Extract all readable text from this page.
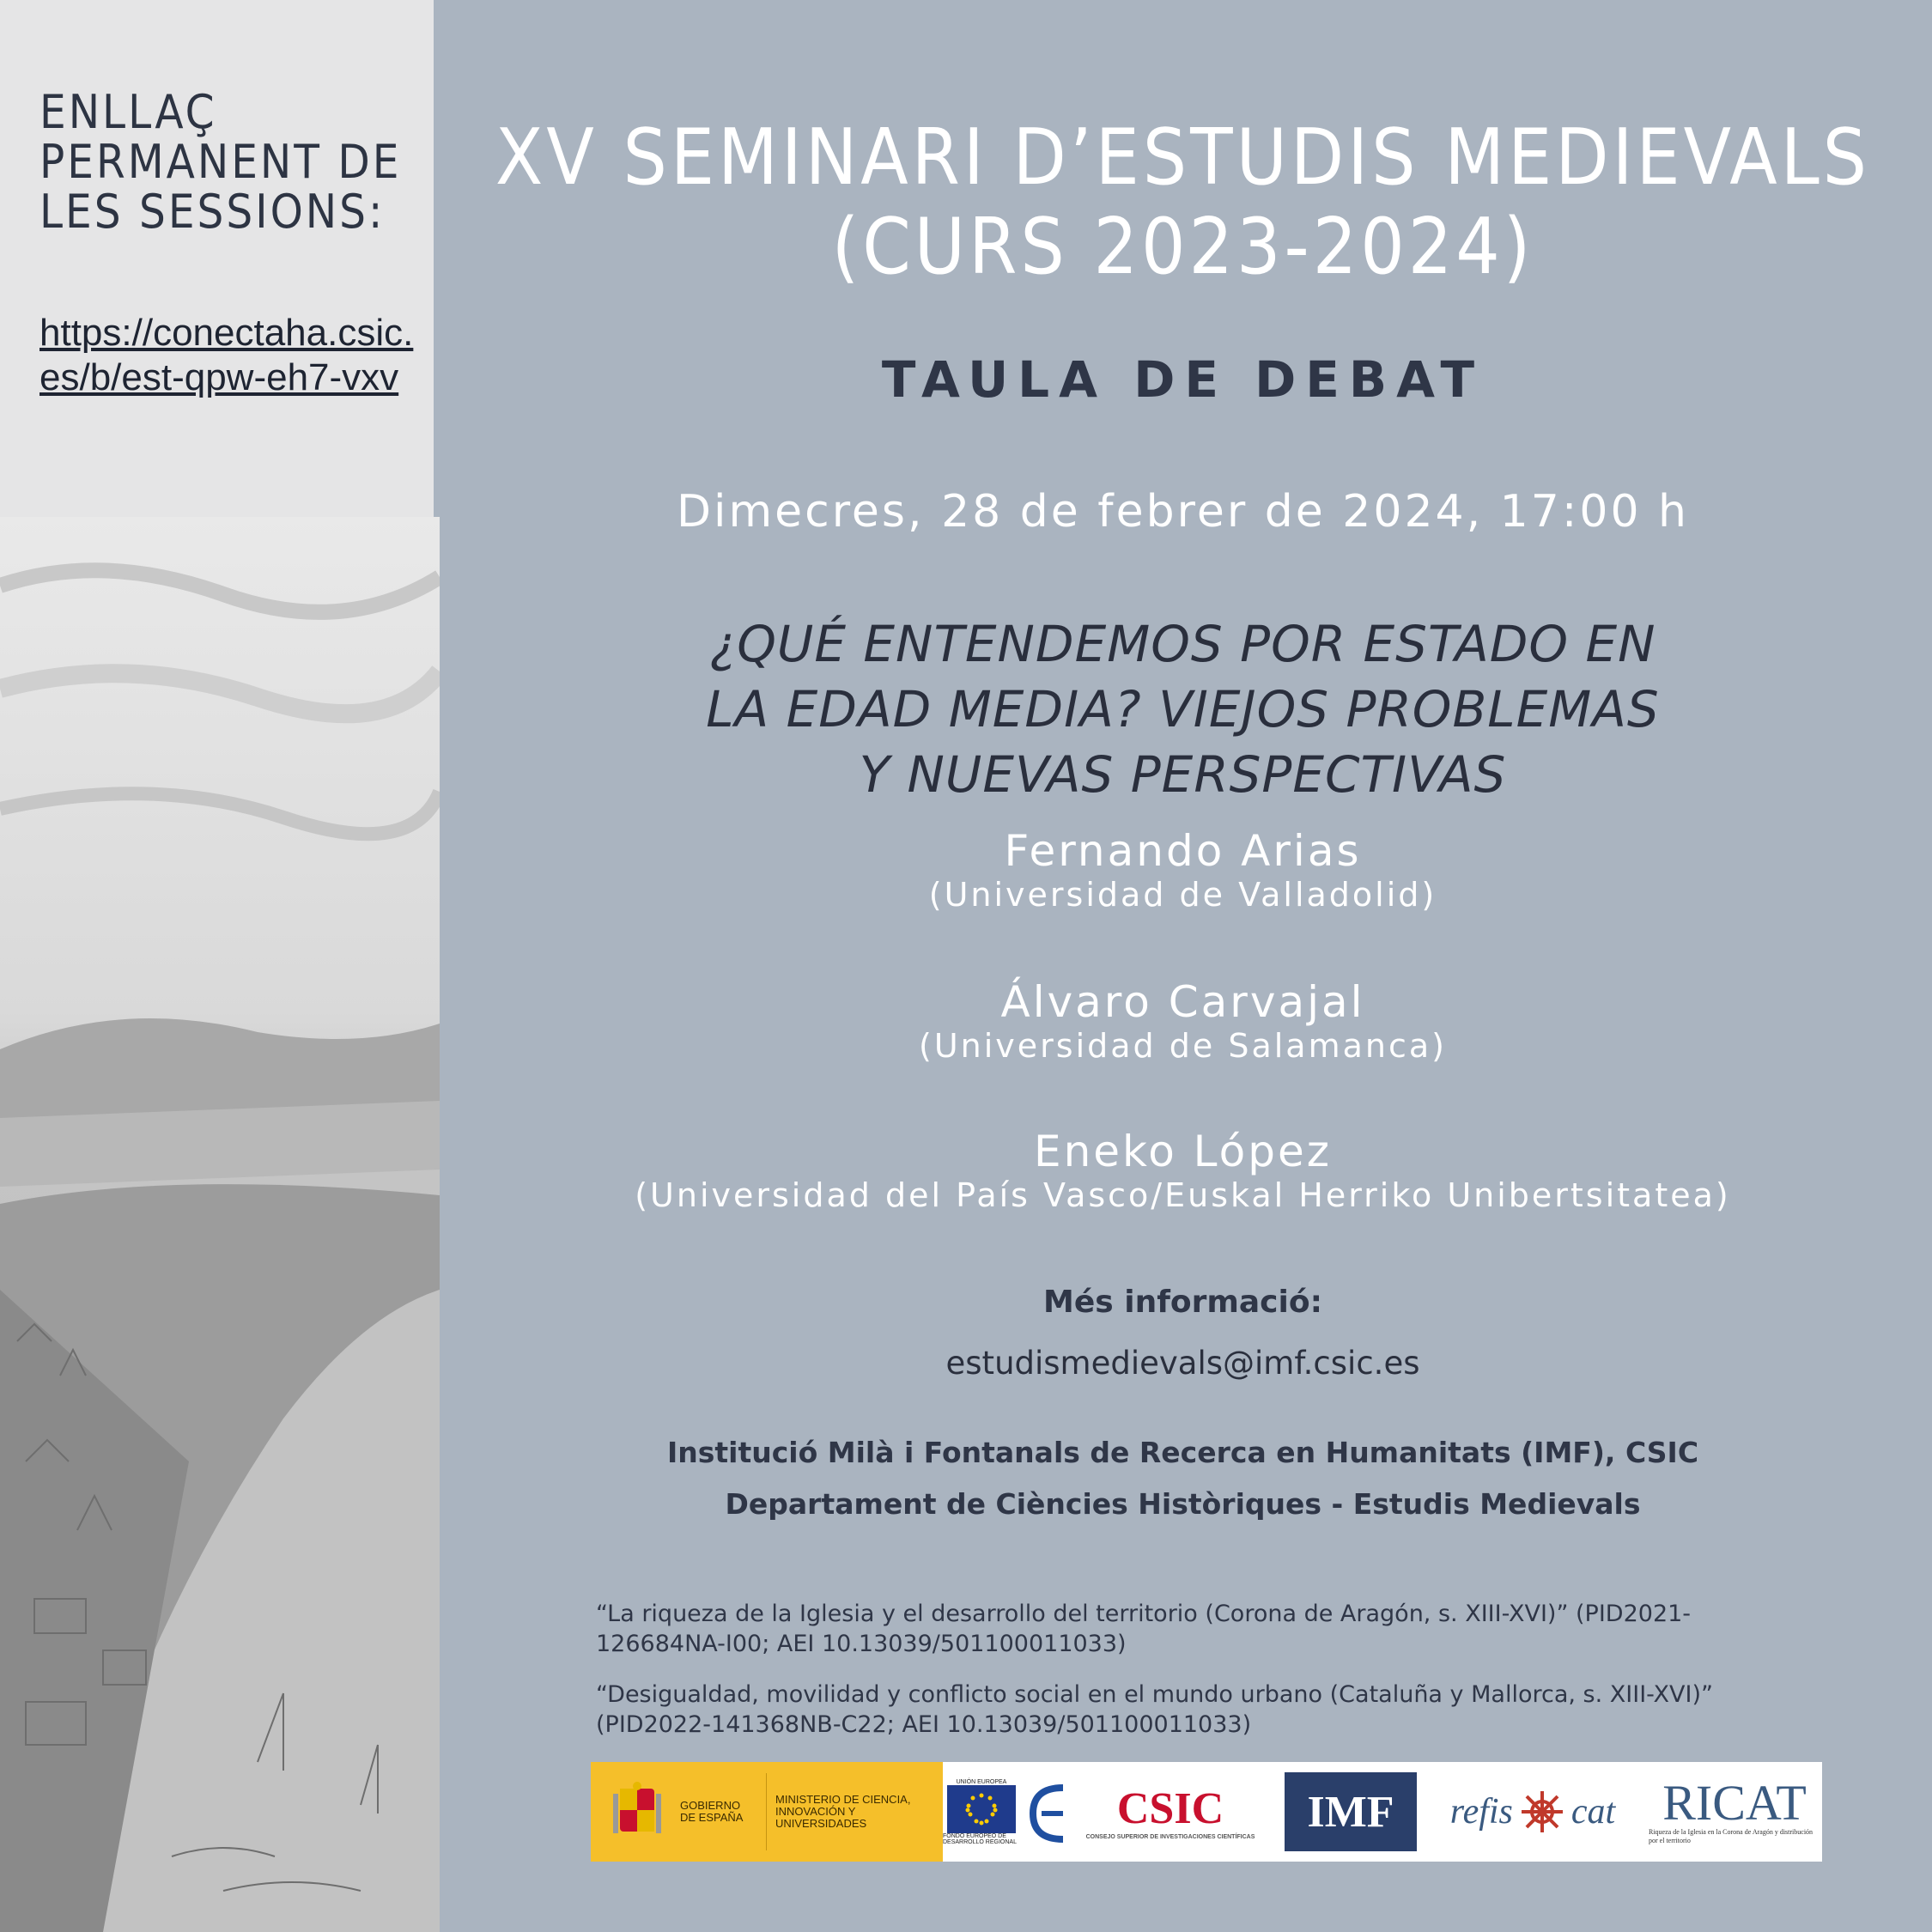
ENLLAÇ PERMANENT DE LES SESSIONS:
https://conectaha.csic.es/b/est-qpw-eh7-vxv
XV SEMINARI D’ESTUDIS MEDIEVALS
(CURS 2023-2024)
TAULA DE DEBAT
Dimecres, 28 de febrer de 2024, 17:00 h
¿QUÉ ENTENDEMOS POR ESTADO EN
LA EDAD MEDIA? VIEJOS PROBLEMAS
Y NUEVAS PERSPECTIVAS
Fernando Arias
(Universidad de Valladolid)
Álvaro Carvajal
(Universidad de Salamanca)
Eneko López
(Universidad del País Vasco/Euskal Herriko Unibertsitatea)
Més informació:
estudismedievals@imf.csic.es
Institució Milà i Fontanals de Recerca en Humanitats (IMF), CSIC
Departament de Ciències Històriques - Estudis Medievals
“La riqueza de la Iglesia y el desarrollo del territorio (Corona de Aragón, s. XIII-XVI)” (PID2021-126684NA-I00; AEI 10.13039/501100011033)
“Desigualdad, movilidad y conflicto social en el mundo urbano (Cataluña y Mallorca, s. XIII-XVI)” (PID2022-141368NB-C22; AEI 10.13039/501100011033)
GOBIERNO DE ESPAÑA
MINISTERIO DE CIENCIA, INNOVACIÓN Y UNIVERSIDADES
UNIÓN EUROPEA
FONDO EUROPEO DE DESARROLLO REGIONAL
CSIC
CONSEJO SUPERIOR DE INVESTIGACIONES CIENTÍFICAS
IMF	refis cat RICAT
Riqueza de la Iglesia en la Corona de Aragón y distribución por el territorio
